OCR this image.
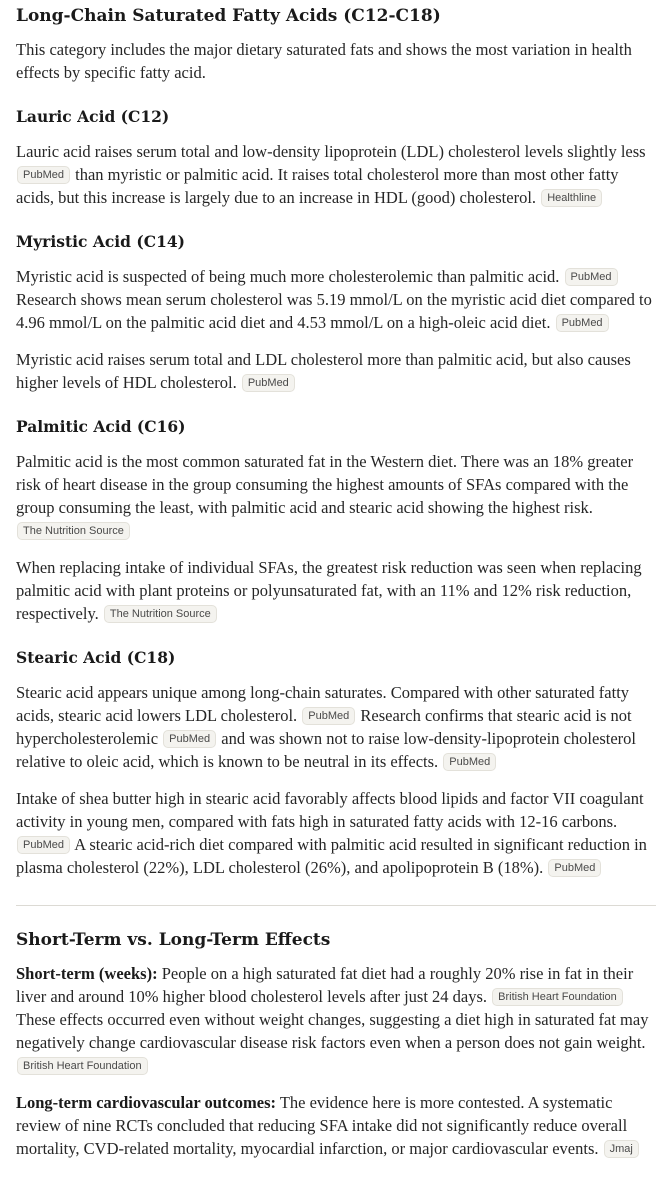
Long-Chain Saturated Fatty Acids (C12-C18)

This category includes the major dietary saturated fats and shows the most variation in health effects by specific fatty acid.

Lauric Acid (C12)

Lauric acid raises serum total and low-density lipoprotein (LDL) cholesterol levels slightly less PubMed than myristic or palmitic acid. It raises total cholesterol more than most other fatty acids, but this increase is largely due to an increase in HDL (good) cholesterol. Healthline

Myristic Acid (C14)

Myristic acid is suspected of being much more cholesterolemic than palmitic acid. PubMed Research shows mean serum cholesterol was 5.19 mmol/L on the myristic acid diet compared to 4.96 mmol/L on the palmitic acid diet and 4.53 mmol/L on a high-oleic acid diet. PubMed

Myristic acid raises serum total and LDL cholesterol more than palmitic acid, but also causes higher levels of HDL cholesterol. PubMed

Palmitic Acid (C16)

Palmitic acid is the most common saturated fat in the Western diet. There was an 18% greater risk of heart disease in the group consuming the highest amounts of SFAs compared with the group consuming the least, with palmitic acid and stearic acid showing the highest risk. The Nutrition Source

When replacing intake of individual SFAs, the greatest risk reduction was seen when replacing palmitic acid with plant proteins or polyunsaturated fat, with an 11% and 12% risk reduction, respectively. The Nutrition Source

Stearic Acid (C18)

Stearic acid appears unique among long-chain saturates. Compared with other saturated fatty acids, stearic acid lowers LDL cholesterol. PubMed Research confirms that stearic acid is not hypercholesterolemic PubMed and was shown not to raise low-density-lipoprotein cholesterol relative to oleic acid, which is known to be neutral in its effects. PubMed

Intake of shea butter high in stearic acid favorably affects blood lipids and factor VII coagulant activity in young men, compared with fats high in saturated fatty acids with 12-16 carbons. PubMed A stearic acid-rich diet compared with palmitic acid resulted in significant reduction in plasma cholesterol (22%), LDL cholesterol (26%), and apolipoprotein B (18%). PubMed

Short-Term vs. Long-Term Effects

Short-term (weeks): People on a high saturated fat diet had a roughly 20% rise in fat in their liver and around 10% higher blood cholesterol levels after just 24 days. British Heart Foundation These effects occurred even without weight changes, suggesting a diet high in saturated fat may negatively change cardiovascular disease risk factors even when a person does not gain weight. British Heart Foundation

Long-term cardiovascular outcomes: The evidence here is more contested. A systematic review of nine RCTs concluded that reducing SFA intake did not significantly reduce overall mortality, CVD-related mortality, myocardial infarction, or major cardiovascular events. Jmaj
